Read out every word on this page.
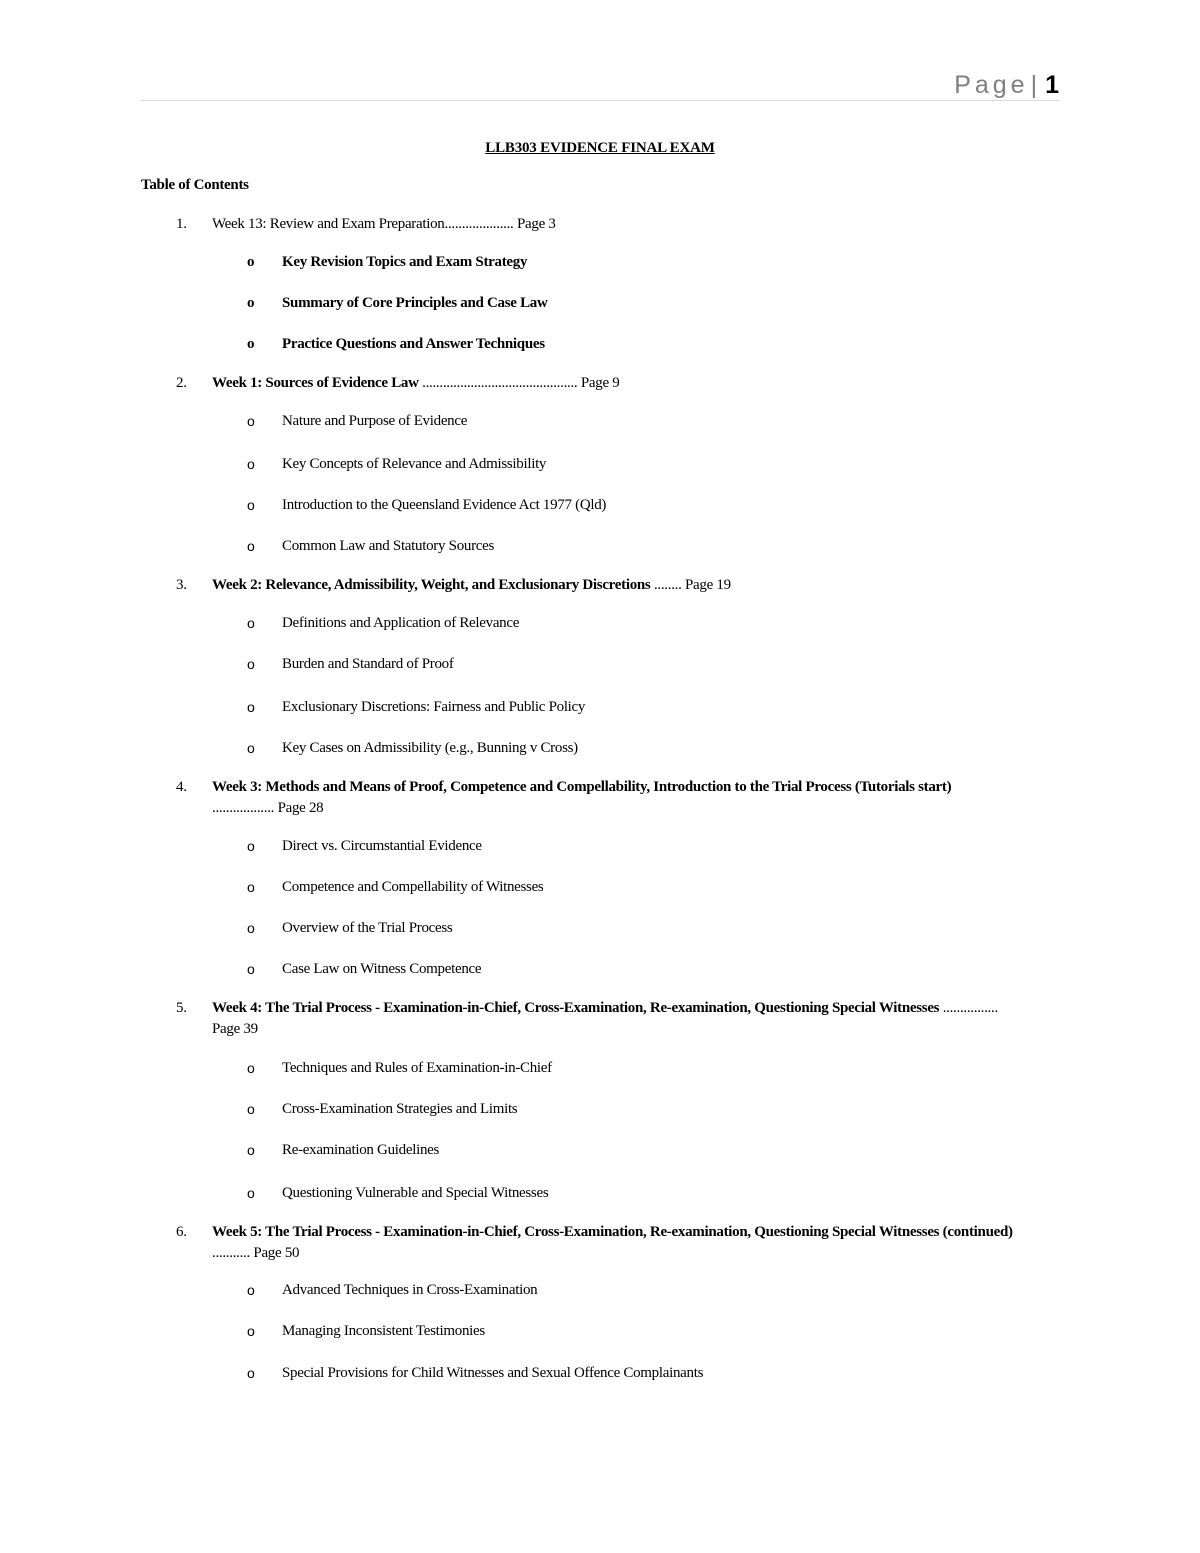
Page| 1
LLB303 EVIDENCE FINAL EXAM
Table of Contents
1. Week 13: Review and Exam Preparation.................... Page 3
o Key Revision Topics and Exam Strategy
o Summary of Core Principles and Case Law
o Practice Questions and Answer Techniques
2. Week 1: Sources of Evidence Law ............................................. Page 9
o Nature and Purpose of Evidence
o Key Concepts of Relevance and Admissibility
o Introduction to the Queensland Evidence Act 1977 (Qld)
o Common Law and Statutory Sources
3. Week 2: Relevance, Admissibility, Weight, and Exclusionary Discretions ........ Page 19
o Definitions and Application of Relevance
o Burden and Standard of Proof
o Exclusionary Discretions: Fairness and Public Policy
o Key Cases on Admissibility (e.g., Bunning v Cross)
4. Week 3: Methods and Means of Proof, Competence and Compellability, Introduction to the Trial Process (Tutorials start) .................. Page 28
o Direct vs. Circumstantial Evidence
o Competence and Compellability of Witnesses
o Overview of the Trial Process
o Case Law on Witness Competence
5. Week 4: The Trial Process - Examination-in-Chief, Cross-Examination, Re-examination, Questioning Special Witnesses ................ Page 39
o Techniques and Rules of Examination-in-Chief
o Cross-Examination Strategies and Limits
o Re-examination Guidelines
o Questioning Vulnerable and Special Witnesses
6. Week 5: The Trial Process - Examination-in-Chief, Cross-Examination, Re-examination, Questioning Special Witnesses (continued) ........... Page 50
o Advanced Techniques in Cross-Examination
o Managing Inconsistent Testimonies
o Special Provisions for Child Witnesses and Sexual Offence Complainants
